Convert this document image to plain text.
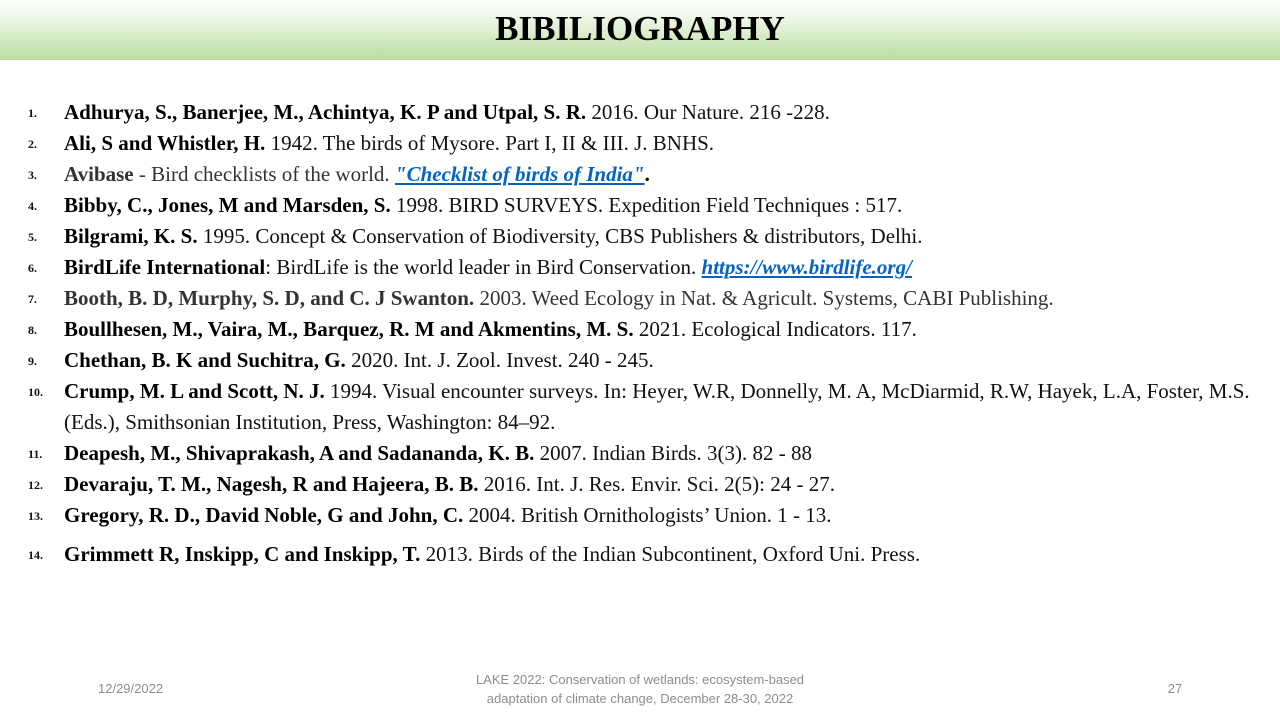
BIBILIOGRAPHY
1. Adhurya, S., Banerjee, M., Achintya, K. P and Utpal, S. R. 2016. Our Nature. 216 -228.
2. Ali, S and Whistler, H. 1942. The birds of Mysore. Part I, II & III. J. BNHS.
3. Avibase - Bird checklists of the world. "Checklist of birds of India".
4. Bibby, C., Jones, M and Marsden, S. 1998. BIRD SURVEYS. Expedition Field Techniques : 517.
5. Bilgrami, K. S. 1995. Concept & Conservation of Biodiversity, CBS Publishers & distributors, Delhi.
6. BirdLife International: BirdLife is the world leader in Bird Conservation. https://www.birdlife.org/
7. Booth, B. D, Murphy, S. D, and C. J Swanton. 2003. Weed Ecology in Nat. & Agricult. Systems, CABI Publishing.
8. Boullhesen, M., Vaira, M., Barquez, R. M and Akmentins, M. S. 2021. Ecological Indicators. 117.
9. Chethan, B. K and Suchitra, G. 2020. Int. J. Zool. Invest. 240 - 245.
10. Crump, M. L and Scott, N. J. 1994. Visual encounter surveys. In: Heyer, W.R, Donnelly, M. A, McDiarmid, R.W, Hayek, L.A, Foster, M.S. (Eds.), Smithsonian Institution, Press, Washington: 84–92.
11. Deapesh, M., Shivaprakash, A and Sadananda, K. B. 2007. Indian Birds. 3(3). 82 - 88
12. Devaraju, T. M., Nagesh, R and Hajeera, B. B. 2016. Int. J. Res. Envir. Sci. 2(5): 24 - 27.
13. Gregory, R. D., David Noble, G and John, C. 2004. British Ornithologists’ Union. 1 - 13.
14. Grimmett R, Inskipp, C and Inskipp, T. 2013. Birds of the Indian Subcontinent, Oxford Uni. Press.
12/29/2022
LAKE 2022: Conservation of wetlands: ecosystem-based
adaptation of climate change, December 28-30, 2022
27
